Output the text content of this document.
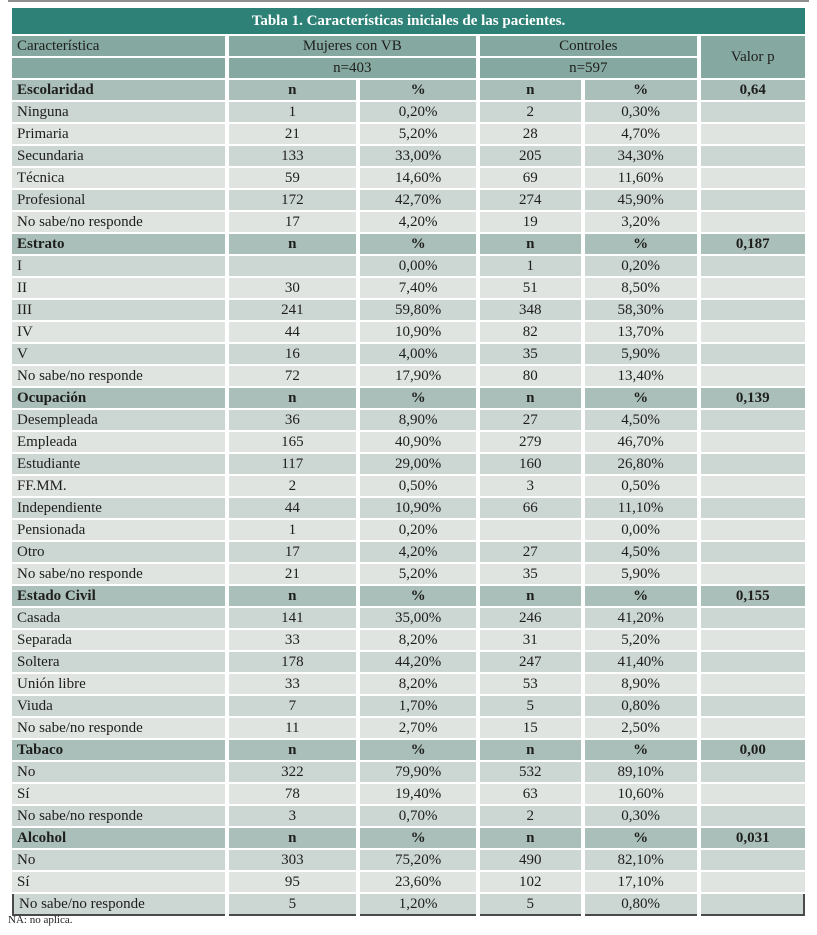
Tabla 1. Características iniciales de las pacientes.					
Característica	Mujeres con VB		Controles		Valor p
	n=403		n=597		
Escolaridad	n	%	n	%	0,64
Ninguna	1	0,20%	2	0,30%	
Primaria	21	5,20%	28	4,70%	
Secundaria	133	33,00%	205	34,30%	
Técnica	59	14,60%	69	11,60%	
Profesional	172	42,70%	274	45,90%	
No sabe/no responde	17	4,20%	19	3,20%	
Estrato	n	%	n	%	0,187
I		0,00%	1	0,20%	
II	30	7,40%	51	8,50%	
III	241	59,80%	348	58,30%	
IV	44	10,90%	82	13,70%	
V	16	4,00%	35	5,90%	
No sabe/no responde	72	17,90%	80	13,40%	
Ocupación	n	%	n	%	0,139
Desempleada	36	8,90%	27	4,50%	
Empleada	165	40,90%	279	46,70%	
Estudiante	117	29,00%	160	26,80%	
FF.MM.	2	0,50%	3	0,50%	
Independiente	44	10,90%	66	11,10%	
Pensionada	1	0,20%		0,00%	
Otro	17	4,20%	27	4,50%	
No sabe/no responde	21	5,20%	35	5,90%	
Estado Civil	n	%	n	%	0,155
Casada	141	35,00%	246	41,20%	
Separada	33	8,20%	31	5,20%	
Soltera	178	44,20%	247	41,40%	
Unión libre	33	8,20%	53	8,90%	
Viuda	7	1,70%	5	0,80%	
No sabe/no responde	11	2,70%	15	2,50%	
Tabaco	n	%	n	%	0,00
No	322	79,90%	532	89,10%	
Sí	78	19,40%	63	10,60%	
No sabe/no responde	3	0,70%	2	0,30%	
Alcohol	n	%	n	%	0,031
No	303	75,20%	490	82,10%	
Sí	95	23,60%	102	17,10%	
No sabe/no responde	5	1,20%	5	0,80%	
NA: no aplica.
